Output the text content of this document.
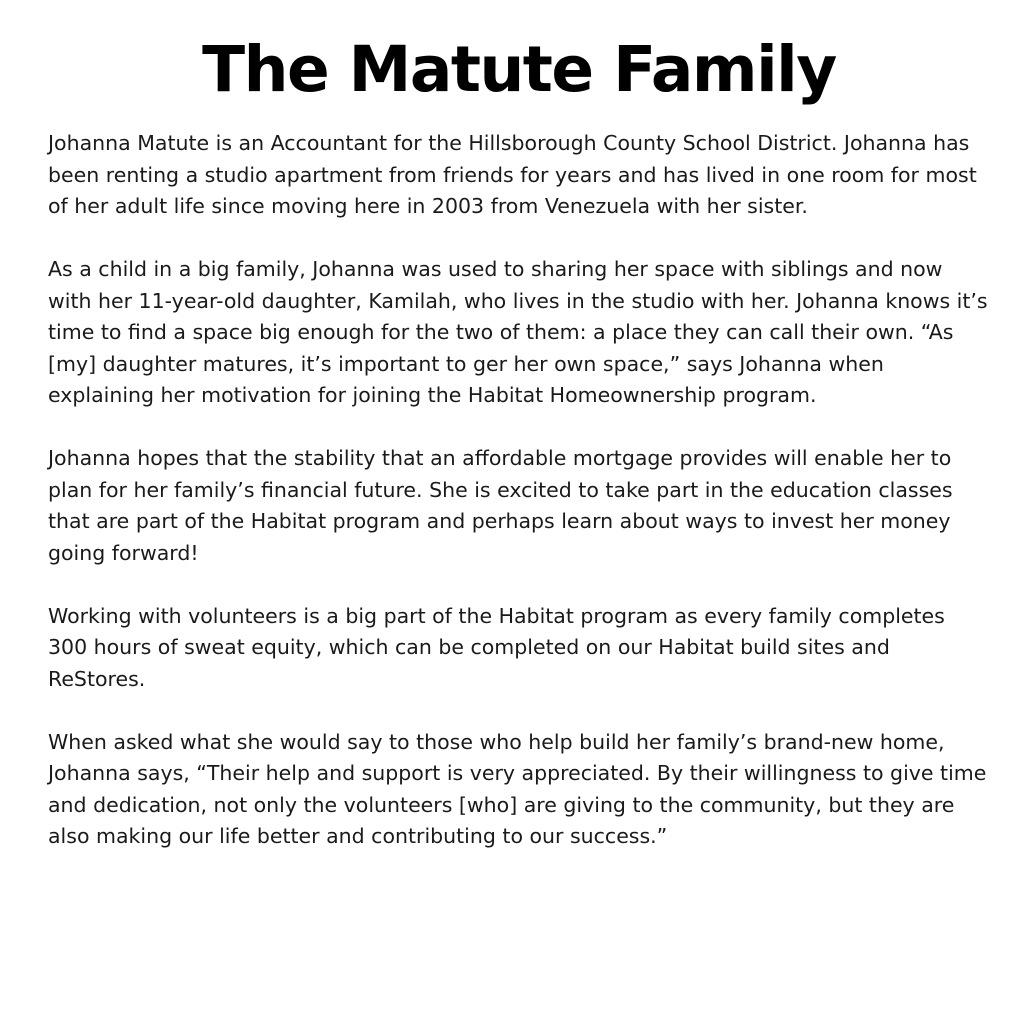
The Matute Family

Johanna Matute is an Accountant for the Hillsborough County School District. Johanna has been renting a studio apartment from friends for years and has lived in one room for most of her adult life since moving here in 2003 from Venezuela with her sister.

As a child in a big family, Johanna was used to sharing her space with siblings and now with her 11-year-old daughter, Kamilah, who lives in the studio with her. Johanna knows it’s time to find a space big enough for the two of them: a place they can call their own. “As [my] daughter matures, it’s important to ger her own space,” says Johanna when explaining her motivation for joining the Habitat Homeownership program.

Johanna hopes that the stability that an affordable mortgage provides will enable her to plan for her family’s financial future. She is excited to take part in the education classes that are part of the Habitat program and perhaps learn about ways to invest her money going forward!

Working with volunteers is a big part of the Habitat program as every family completes 300 hours of sweat equity, which can be completed on our Habitat build sites and ReStores.

When asked what she would say to those who help build her family’s brand-new home, Johanna says, “Their help and support is very appreciated. By their willingness to give time and dedication, not only the volunteers [who] are giving to the community, but they are also making our life better and contributing to our success.”
